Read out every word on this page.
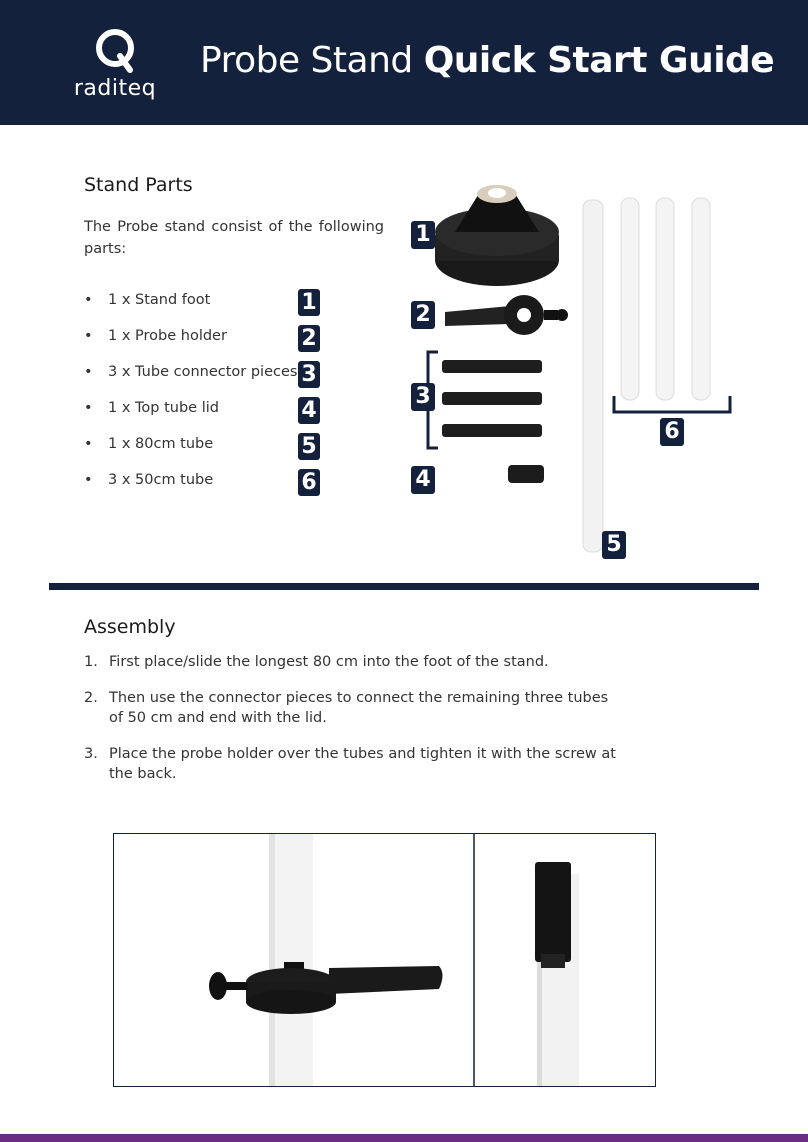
raditeq
Probe Stand Quick Start Guide
Stand Parts
The Probe stand consist of the following parts:
•	1 x Stand foot	1
•	1 x Probe holder	2
•	3 x Tube connector pieces 3
•	1 x Top tube lid	4
•	1 x 80cm tube	5
•	3 x 50cm tube	6
1
2
3
4
5
6
Assembly
1. First place/slide the longest 80 cm into the foot of the stand.
2. Then use the connector pieces to connect the remaining three tubes of 50 cm and end with the lid.
3. Place the probe holder over the tubes and tighten it with the screw at the back.
